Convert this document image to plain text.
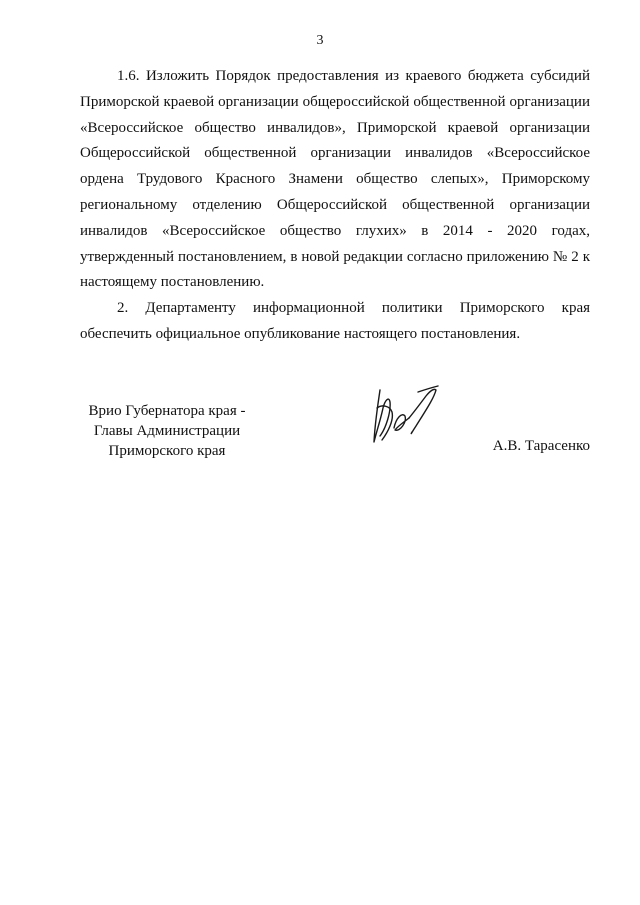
3

1.6. Изложить Порядок предоставления из краевого бюджета субсидий Приморской краевой организации общероссийской общественной организации «Всероссийское общество инвалидов», Приморской краевой организации Общероссийской общественной организации инвалидов «Всероссийское ордена Трудового Красного Знамени общество слепых», Приморскому региональному отделению Общероссийской общественной организации инвалидов «Всероссийское общество глухих» в 2014 - 2020 годах, утвержденный постановлением, в новой редакции согласно приложению № 2 к настоящему постановлению.

2. Департаменту информационной политики Приморского края обеспечить официальное опубликование настоящего постановления.

Врио Губернатора края -
Главы Администрации
Приморского края	А.В. Тарасенко
